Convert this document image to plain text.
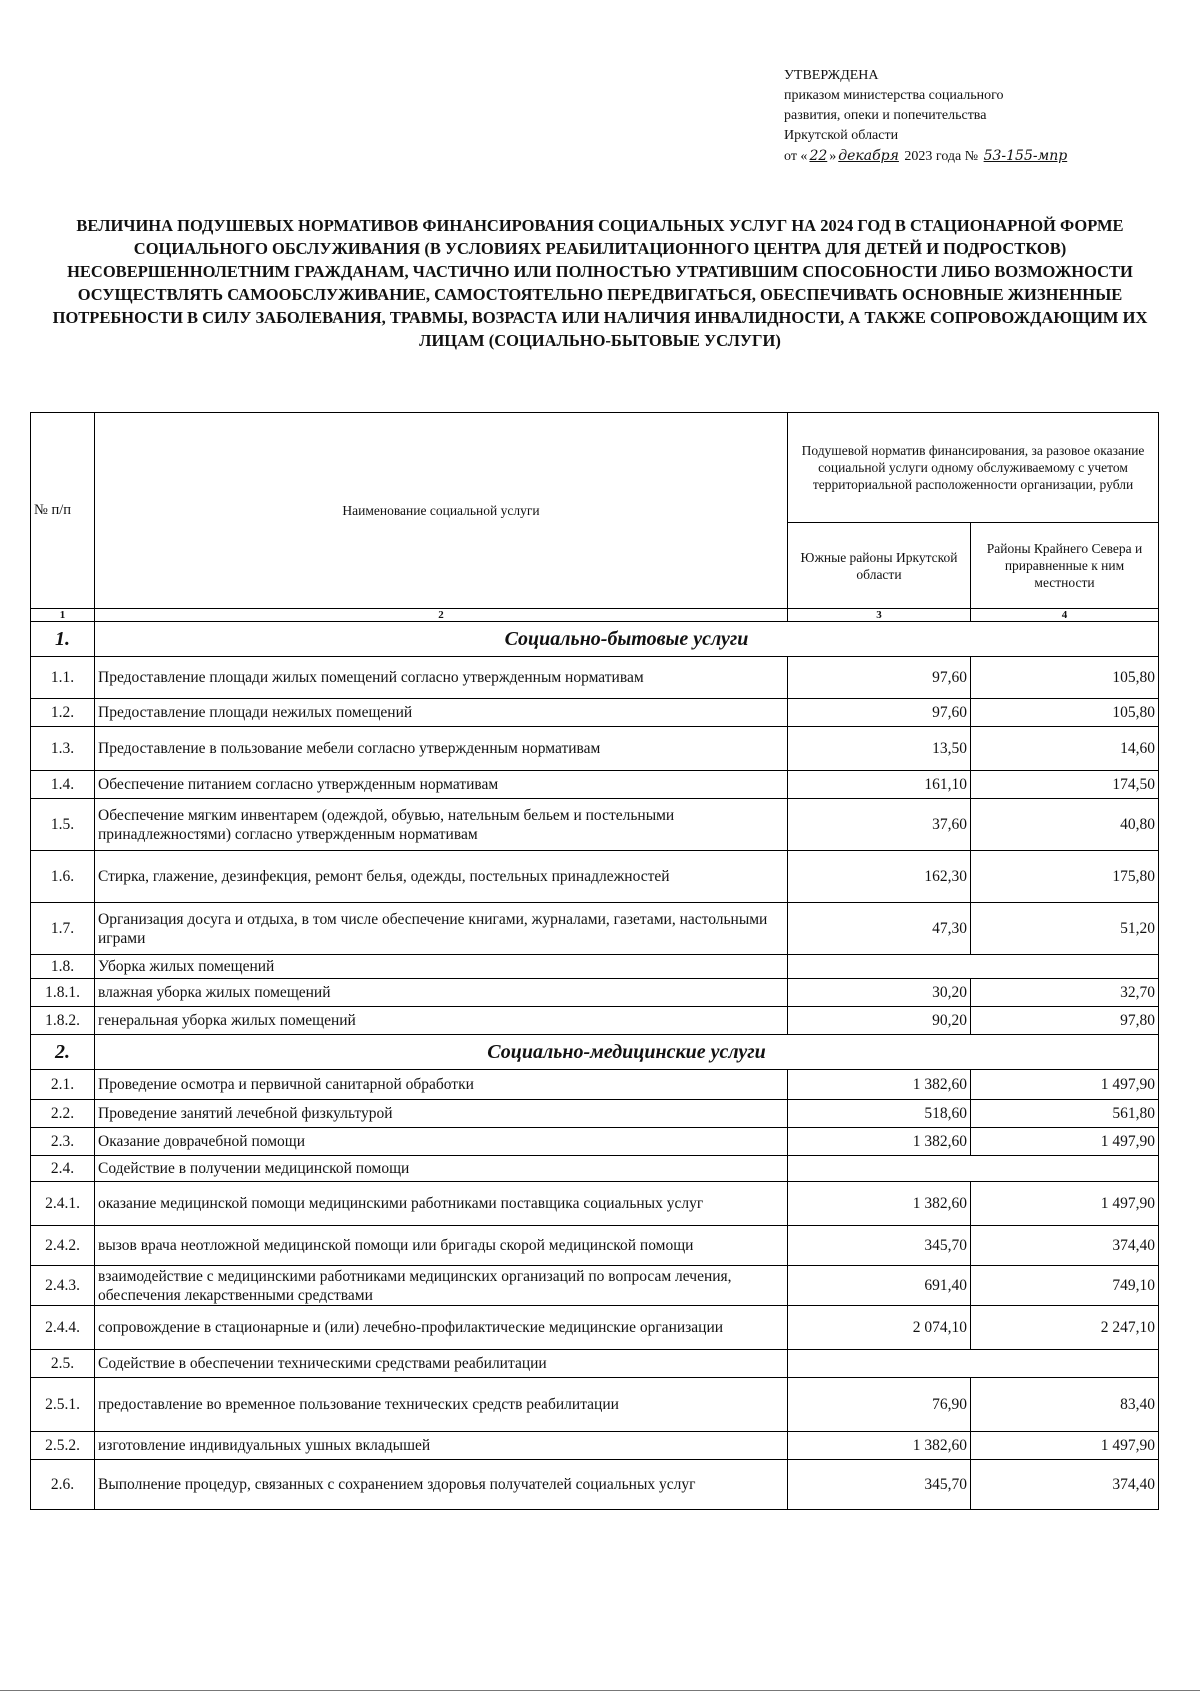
УТВЕРЖДЕНА
приказом министерства социального
развития, опеки и попечительства
Иркутской области
от « 22 » декабря 2023 года № 53-155-мпр
ВЕЛИЧИНА ПОДУШЕВЫХ НОРМАТИВОВ ФИНАНСИРОВАНИЯ СОЦИАЛЬНЫХ УСЛУГ НА 2024 ГОД В СТАЦИОНАРНОЙ ФОРМЕ СОЦИАЛЬНОГО ОБСЛУЖИВАНИЯ (В УСЛОВИЯХ РЕАБИЛИТАЦИОННОГО ЦЕНТРА ДЛЯ ДЕТЕЙ И ПОДРОСТКОВ) НЕСОВЕРШЕННОЛЕТНИМ ГРАЖДАНАМ, ЧАСТИЧНО ИЛИ ПОЛНОСТЬЮ УТРАТИВШИМ СПОСОБНОСТИ ЛИБО ВОЗМОЖНОСТИ ОСУЩЕСТВЛЯТЬ САМООБСЛУЖИВАНИЕ, САМОСТОЯТЕЛЬНО ПЕРЕДВИГАТЬСЯ, ОБЕСПЕЧИВАТЬ ОСНОВНЫЕ ЖИЗНЕННЫЕ ПОТРЕБНОСТИ В СИЛУ ЗАБОЛЕВАНИЯ, ТРАВМЫ, ВОЗРАСТА ИЛИ НАЛИЧИЯ ИНВАЛИДНОСТИ, А ТАКЖЕ СОПРОВОЖДАЮЩИМ ИХ ЛИЦАМ (СОЦИАЛЬНО-БЫТОВЫЕ УСЛУГИ)
№ п/п	Наименование социальной услуги	Подушевой норматив финансирования, за разовое оказание социальной услуги одному обслуживаемому с учетом территориальной расположенности организации, рубли	
		Южные районы Иркутской области	Районы Крайнего Севера и приравненные к ним местности
1	2	3	4
1.	Социально-бытовые услуги		
1.1.	Предоставление площади жилых помещений согласно утвержденным нормативам	97,60	105,80
1.2.	Предоставление площади нежилых помещений	97,60	105,80
1.3.	Предоставление в пользование мебели согласно утвержденным нормативам	13,50	14,60
1.4.	Обеспечение питанием согласно утвержденным нормативам	161,10	174,50
1.5.	Обеспечение мягким инвентарем (одеждой, обувью, нательным бельем и постельными принадлежностями) согласно утвержденным нормативам	37,60	40,80
1.6.	Стирка, глажение, дезинфекция, ремонт белья, одежды, постельных принадлежностей	162,30	175,80
1.7.	Организация досуга и отдыха, в том числе обеспечение книгами, журналами, газетами, настольными играми	47,30	51,20
1.8.	Уборка жилых помещений		
1.8.1.	влажная уборка жилых помещений	30,20	32,70
1.8.2.	генеральная уборка жилых помещений	90,20	97,80
2.	Социально-медицинские услуги		
2.1.	Проведение осмотра и первичной санитарной обработки	1 382,60	1 497,90
2.2.	Проведение занятий лечебной физкультурой	518,60	561,80
2.3.	Оказание доврачебной помощи	1 382,60	1 497,90
2.4.	Содействие в получении медицинской помощи		
2.4.1.	оказание медицинской помощи медицинскими работниками поставщика социальных услуг	1 382,60	1 497,90
2.4.2.	вызов врача неотложной медицинской помощи или бригады скорой медицинской помощи	345,70	374,40
2.4.3.	взаимодействие с медицинскими работниками медицинских организаций по вопросам лечения, обеспечения лекарственными средствами	691,40	749,10
2.4.4.	сопровождение в стационарные и (или) лечебно-профилактические медицинские организации	2 074,10	2 247,10
2.5.	Содействие в обеспечении техническими средствами реабилитации		
2.5.1.	предоставление во временное пользование технических средств реабилитации	76,90	83,40
2.5.2.	изготовление индивидуальных ушных вкладышей	1 382,60	1 497,90
2.6.	Выполнение процедур, связанных с сохранением здоровья получателей социальных услуг	345,70	374,40
